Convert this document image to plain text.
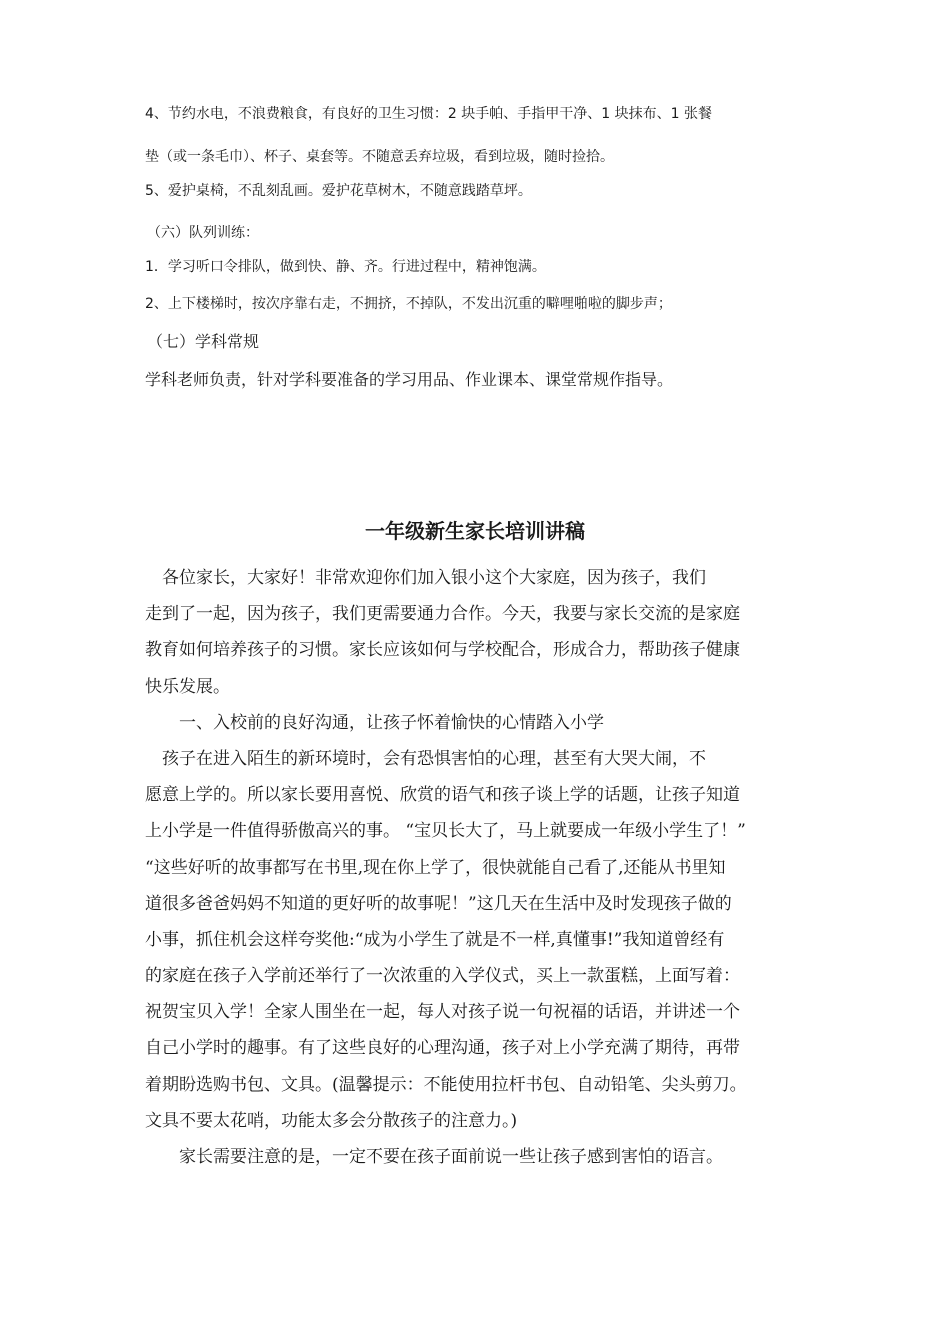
4、节约水电，不浪费粮食，有良好的卫生习惯：2 块手帕、手指甲干净、1 块抹布、1 张餐

垫（或一条毛巾）、杯子、桌套等。不随意丢弃垃圾，看到垃圾，随时捡拾。

5、爱护桌椅，不乱刻乱画。爱护花草树木，不随意践踏草坪。

（六）队列训练：

1．学习听口令排队，做到快、静、齐。行进过程中，精神饱满。

2、上下楼梯时，按次序靠右走，不拥挤，不掉队，不发出沉重的噼哩啪啦的脚步声；

（七）学科常规

学科老师负责，针对学科要准备的学习用品、作业课本、课堂常规作指导。

一年级新生家长培训讲稿
　各位家长，大家好！非常欢迎你们加入银小这个大家庭，因为孩子，我们
走到了一起，因为孩子，我们更需要通力合作。今天，我要与家长交流的是家庭
教育如何培养孩子的习惯。家长应该如何与学校配合，形成合力，帮助孩子健康
快乐发展。
　　一、入校前的良好沟通，让孩子怀着愉快的心情踏入小学
　孩子在进入陌生的新环境时，会有恐惧害怕的心理，甚至有大哭大闹，不
愿意上学的。所以家长要用喜悦、欣赏的语气和孩子谈上学的话题，让孩子知道
上小学是一件值得骄傲高兴的事。 “宝贝长大了，马上就要成一年级小学生了！”
“这些好听的故事都写在书里,现在你上学了，很快就能自己看了,还能从书里知
道很多爸爸妈妈不知道的更好听的故事呢！”这几天在生活中及时发现孩子做的
小事，抓住机会这样夸奖他:“成为小学生了就是不一样,真懂事!”我知道曾经有
的家庭在孩子入学前还举行了一次浓重的入学仪式，买上一款蛋糕，上面写着：
祝贺宝贝入学！全家人围坐在一起，每人对孩子说一句祝福的话语，并讲述一个
自己小学时的趣事。有了这些良好的心理沟通，孩子对上小学充满了期待，再带
着期盼选购书包、文具。(温馨提示：不能使用拉杆书包、自动铅笔、尖头剪刀。
文具不要太花哨，功能太多会分散孩子的注意力。)
　　家长需要注意的是，一定不要在孩子面前说一些让孩子感到害怕的语言。
